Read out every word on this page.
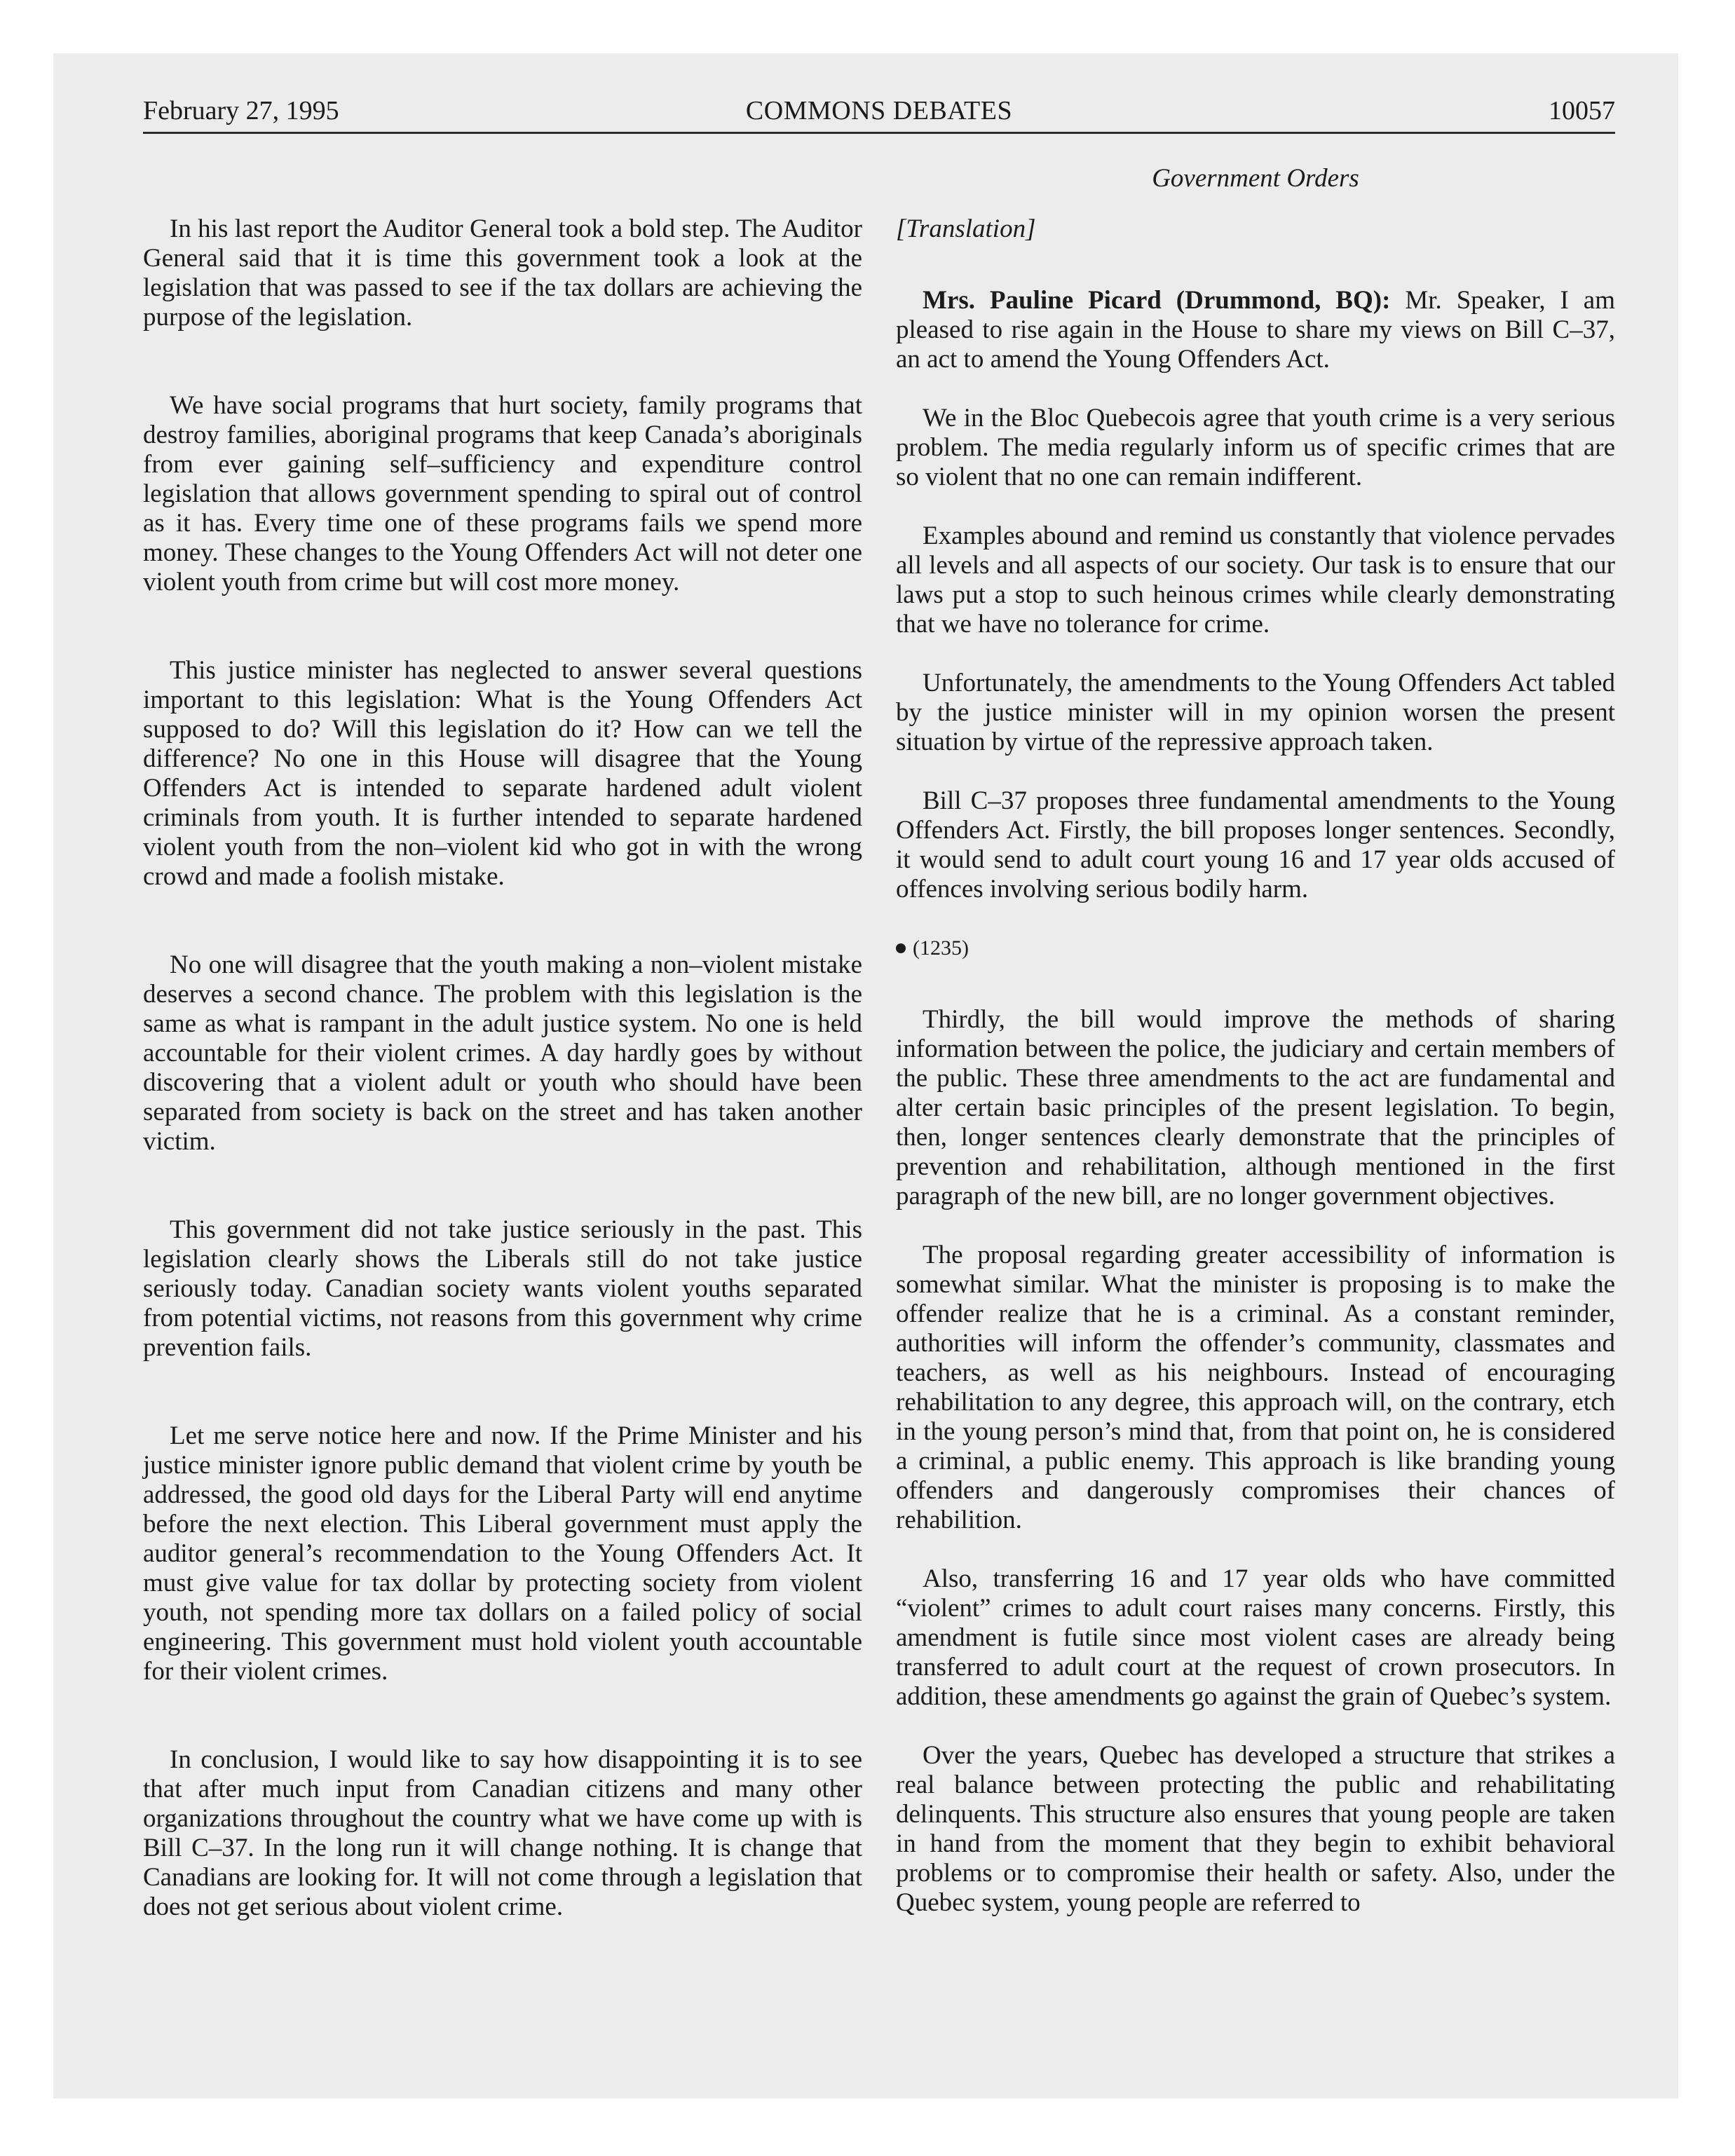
February 27, 1995	COMMONS DEBATES	10057
Government Orders

In his last report the Auditor General took a bold step. The Auditor General said that it is time this government took a look at the legislation that was passed to see if the tax dollars are achieving the purpose of the legislation.

We have social programs that hurt society, family programs that destroy families, aboriginal programs that keep Canada’s aboriginals from ever gaining self–sufficiency and expenditure control legislation that allows government spending to spiral out of control as it has. Every time one of these programs fails we spend more money. These changes to the Young Offenders Act will not deter one violent youth from crime but will cost more money.

This justice minister has neglected to answer several questions important to this legislation: What is the Young Offenders Act supposed to do? Will this legislation do it? How can we tell the difference? No one in this House will disagree that the Young Offenders Act is intended to separate hardened adult violent criminals from youth. It is further intended to separate hardened violent youth from the non–violent kid who got in with the wrong crowd and made a foolish mistake.

No one will disagree that the youth making a non–violent mistake deserves a second chance. The problem with this legislation is the same as what is rampant in the adult justice system. No one is held accountable for their violent crimes. A day hardly goes by without discovering that a violent adult or youth who should have been separated from society is back on the street and has taken another victim.

This government did not take justice seriously in the past. This legislation clearly shows the Liberals still do not take justice seriously today. Canadian society wants violent youths separated from potential victims, not reasons from this government why crime prevention fails.

Let me serve notice here and now. If the Prime Minister and his justice minister ignore public demand that violent crime by youth be addressed, the good old days for the Liberal Party will end anytime before the next election. This Liberal government must apply the auditor general’s recommendation to the Young Offenders Act. It must give value for tax dollar by protecting society from violent youth, not spending more tax dollars on a failed policy of social engineering. This government must hold violent youth accountable for their violent crimes.

In conclusion, I would like to say how disappointing it is to see that after much input from Canadian citizens and many other organizations throughout the country what we have come up with is Bill C–37. In the long run it will change nothing. It is change that Canadians are looking for. It will not come through a legislation that does not get serious about violent crime.

[Translation]

Mrs. Pauline Picard (Drummond, BQ): Mr. Speaker, I am pleased to rise again in the House to share my views on Bill C–37, an act to amend the Young Offenders Act.

We in the Bloc Quebecois agree that youth crime is a very serious problem. The media regularly inform us of specific crimes that are so violent that no one can remain indifferent.

Examples abound and remind us constantly that violence pervades all levels and all aspects of our society. Our task is to ensure that our laws put a stop to such heinous crimes while clearly demonstrating that we have no tolerance for crime.

Unfortunately, the amendments to the Young Offenders Act tabled by the justice minister will in my opinion worsen the present situation by virtue of the repressive approach taken.

Bill C–37 proposes three fundamental amendments to the Young Offenders Act. Firstly, the bill proposes longer sentences. Secondly, it would send to adult court young 16 and 17 year olds accused of offences involving serious bodily harm.

(1235)

Thirdly, the bill would improve the methods of sharing information between the police, the judiciary and certain members of the public. These three amendments to the act are fundamental and alter certain basic principles of the present legislation. To begin, then, longer sentences clearly demonstrate that the principles of prevention and rehabilitation, although mentioned in the first paragraph of the new bill, are no longer government objectives.

The proposal regarding greater accessibility of information is somewhat similar. What the minister is proposing is to make the offender realize that he is a criminal. As a constant reminder, authorities will inform the offender’s community, classmates and teachers, as well as his neighbours. Instead of encouraging rehabilitation to any degree, this approach will, on the contrary, etch in the young person’s mind that, from that point on, he is considered a criminal, a public enemy. This approach is like branding young offenders and dangerously compromises their chances of rehabilition.

Also, transferring 16 and 17 year olds who have committed “violent” crimes to adult court raises many concerns. Firstly, this amendment is futile since most violent cases are already being transferred to adult court at the request of crown prosecutors. In addition, these amendments go against the grain of Quebec’s system.

Over the years, Quebec has developed a structure that strikes a real balance between protecting the public and rehabilitating delinquents. This structure also ensures that young people are taken in hand from the moment that they begin to exhibit behavioral problems or to compromise their health or safety. Also, under the Quebec system, young people are referred to
